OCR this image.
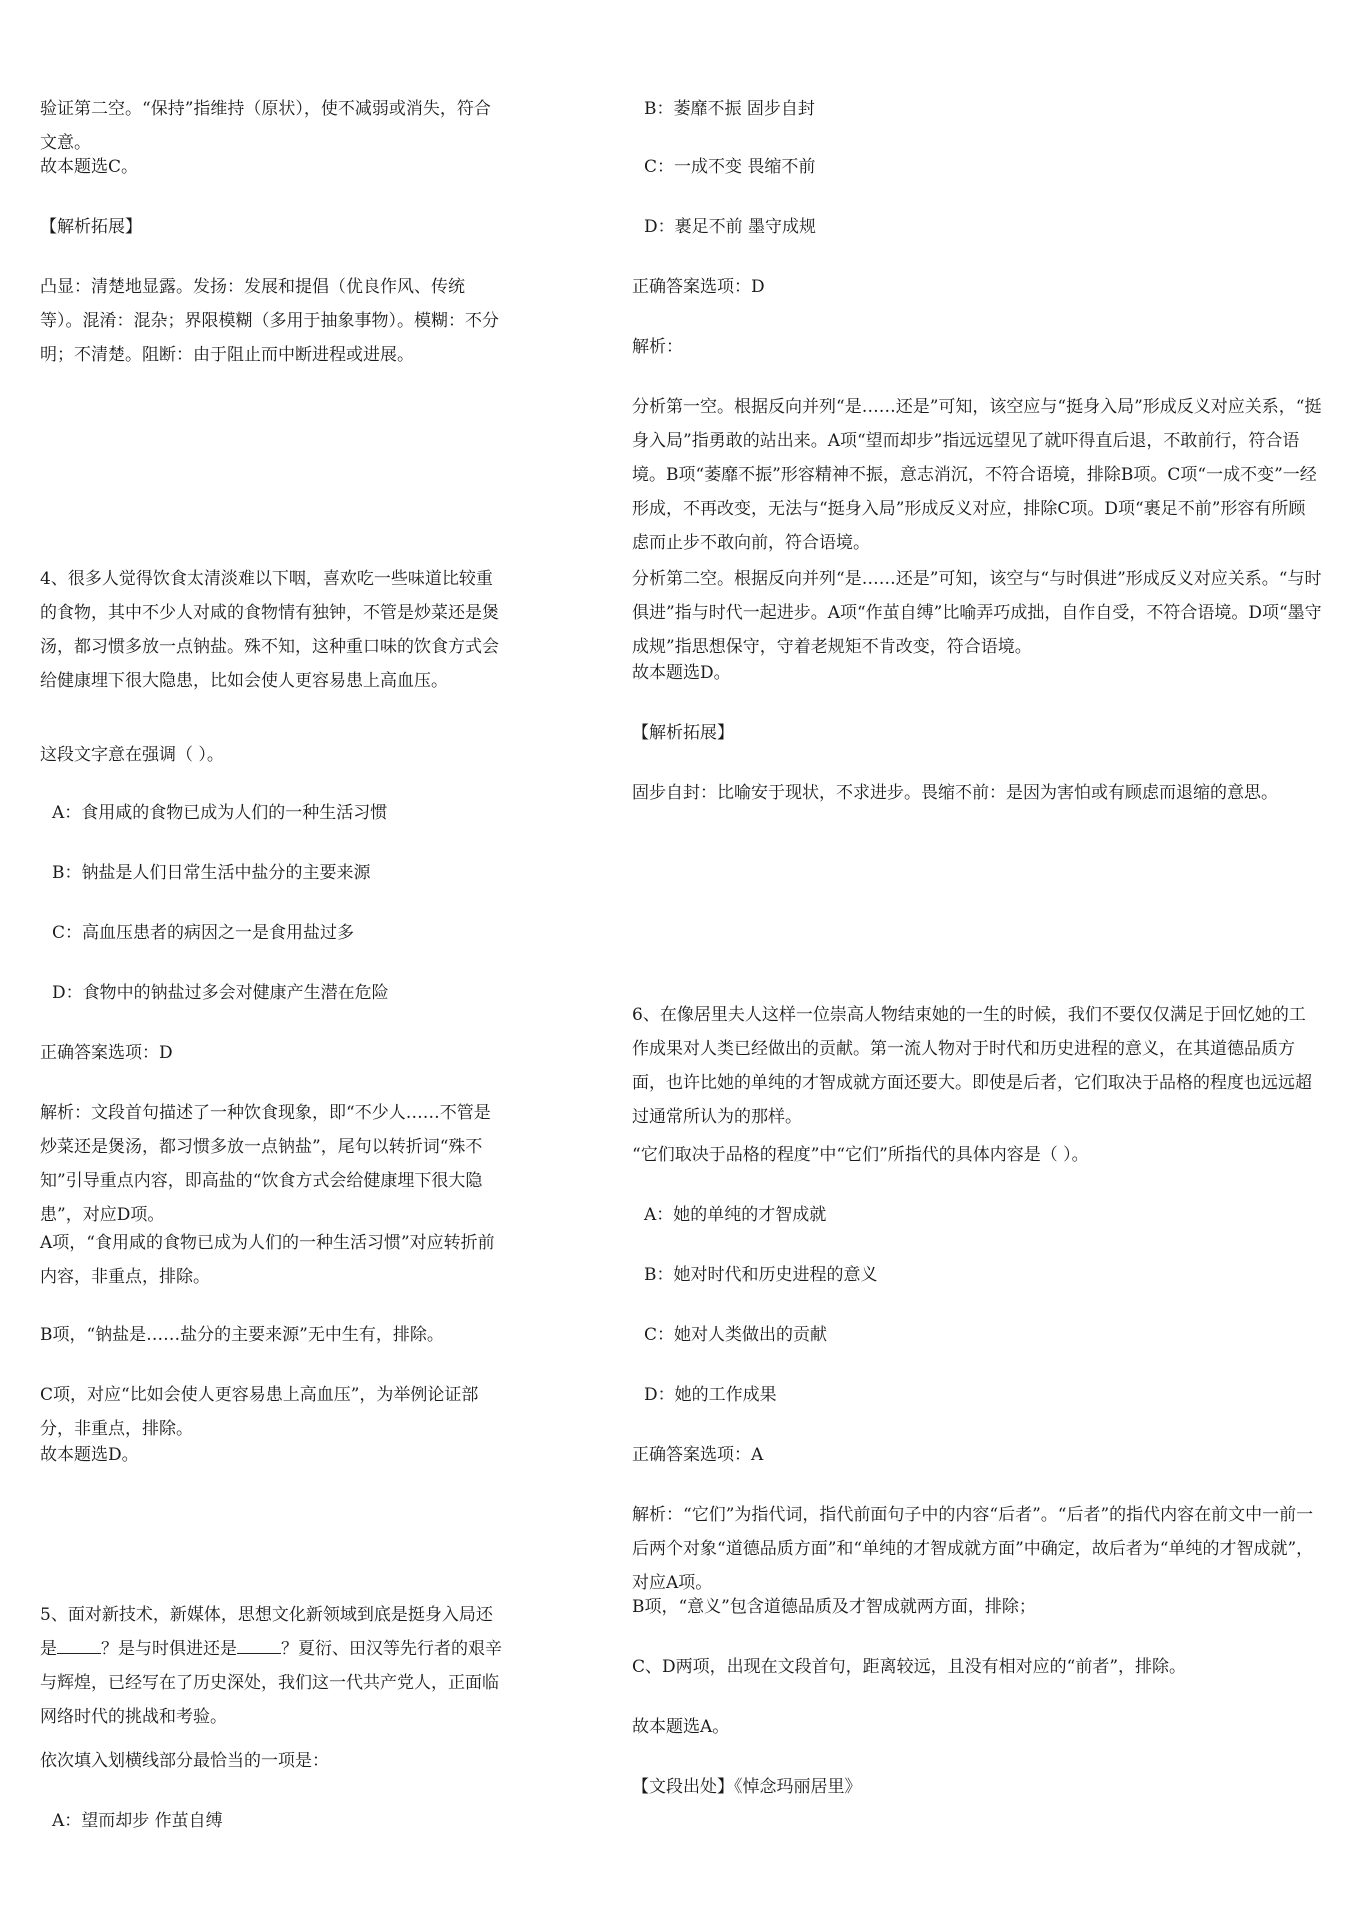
验证第二空。“保持”指维持（原状），使不减弱或消失，符合文意。

故本题选C。

【解析拓展】

凸显：清楚地显露。发扬：发展和提倡（优良作风、传统等）。混淆：混杂；界限模糊（多用于抽象事物）。模糊：不分明；不清楚。阻断：由于阻止而中断进程或进展。

4、很多人觉得饮食太清淡难以下咽，喜欢吃一些味道比较重的食物，其中不少人对咸的食物情有独钟，不管是炒菜还是煲汤，都习惯多放一点钠盐。殊不知，这种重口味的饮食方式会给健康埋下很大隐患，比如会使人更容易患上高血压。

这段文字意在强调（ ）。

A：食用咸的食物已成为人们的一种生活习惯

B：钠盐是人们日常生活中盐分的主要来源

C：高血压患者的病因之一是食用盐过多

D：食物中的钠盐过多会对健康产生潜在危险

正确答案选项：D

解析：文段首句描述了一种饮食现象，即“不少人……不管是炒菜还是煲汤，都习惯多放一点钠盐”，尾句以转折词“殊不知”引导重点内容，即高盐的“饮食方式会给健康埋下很大隐患”，对应D项。

A项，“食用咸的食物已成为人们的一种生活习惯”对应转折前内容，非重点，排除。

B项，“钠盐是……盐分的主要来源”无中生有，排除。

C项，对应“比如会使人更容易患上高血压”，为举例论证部分，非重点，排除。

故本题选D。

5、面对新技术，新媒体，思想文化新领域到底是挺身入局还是	？是与时俱进还是	？夏衍、田汉等先行者的艰辛与辉煌，已经写在了历史深处，我们这一代共产党人，正面临网络时代的挑战和考验。

依次填入划横线部分最恰当的一项是：

A：望而却步 作茧自缚

B：萎靡不振 固步自封

C：一成不变 畏缩不前

D：裹足不前 墨守成规

正确答案选项：D

解析：

分析第一空。根据反向并列“是……还是”可知，该空应与“挺身入局”形成反义对应关系，“挺身入局”指勇敢的站出来。A项“望而却步”指远远望见了就吓得直后退，不敢前行，符合语境。B项“萎靡不振”形容精神不振，意志消沉，不符合语境，排除B项。C项“一成不变”一经形成，不再改变，无法与“挺身入局”形成反义对应，排除C项。D项“裹足不前”形容有所顾虑而止步不敢向前，符合语境。

分析第二空。根据反向并列“是……还是”可知，该空与“与时俱进”形成反义对应关系。“与时俱进”指与时代一起进步。A项“作茧自缚”比喻弄巧成拙，自作自受，不符合语境。D项“墨守成规”指思想保守，守着老规矩不肯改变，符合语境。

故本题选D。

【解析拓展】

固步自封：比喻安于现状，不求进步。畏缩不前：是因为害怕或有顾虑而退缩的意思。

6、在像居里夫人这样一位崇高人物结束她的一生的时候，我们不要仅仅满足于回忆她的工作成果对人类已经做出的贡献。第一流人物对于时代和历史进程的意义，在其道德品质方面，也许比她的单纯的才智成就方面还要大。即使是后者，它们取决于品格的程度也远远超过通常所认为的那样。

“它们取决于品格的程度”中“它们”所指代的具体内容是（ ）。

A：她的单纯的才智成就

B：她对时代和历史进程的意义

C：她对人类做出的贡献

D：她的工作成果

正确答案选项：A

解析：“它们”为指代词，指代前面句子中的内容“后者”。“后者”的指代内容在前文中一前一后两个对象“道德品质方面”和“单纯的才智成就方面”中确定，故后者为“单纯的才智成就”，对应A项。

B项，“意义”包含道德品质及才智成就两方面，排除；

C、D两项，出现在文段首句，距离较远，且没有相对应的“前者”，排除。

故本题选A。

【文段出处】《悼念玛丽居里》
